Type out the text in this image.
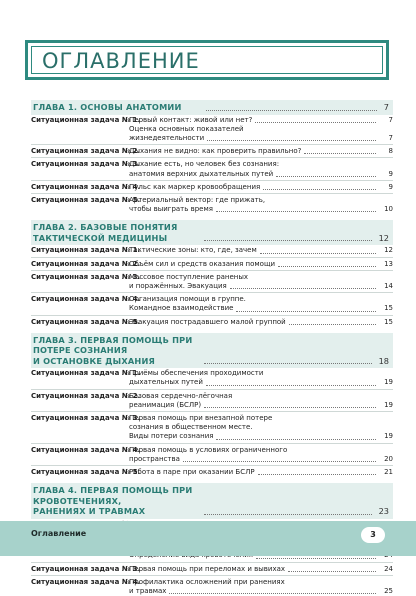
ОГЛАВЛЕНИЕ
ГЛАВА 1. ОСНОВЫ АНАТОМИИ	7
Ситуационная задача № 1.
Первый контакт: живой или нет?	7
Оценка основных показателей
жизнедеятельности	7
Ситуационная задача № 2.
Дыхания не видно: как проверить правильно?	8
Ситуационная задача № 3.
Дыхание есть, но человек без сознания:
анатомия верхних дыхательных путей	9
Ситуационная задача № 4.
Пульс как маркер кровообращения	9
Ситуационная задача № 5.
Артериальный вектор: где прижать,
чтобы выиграть время	10
ГЛАВА 2. БАЗОВЫЕ ПОНЯТИЯ ТАКТИЧЕСКОЙ МЕДИЦИНЫ	12
Ситуационная задача № 1.
Тактические зоны: кто, где, зачем	12
Ситуационная задача № 2.
Объём сил и средств оказания помощи	13
Ситуационная задача № 3.
Массовое поступление раненых
и поражённых. Эвакуация	14
Ситуационная задача № 4.
Организация помощи в группе.
Командное взаимодействие	15
Ситуационная задача № 5.
Эвакуация пострадавшего малой группой	15
ГЛАВА 3. ПЕРВАЯ ПОМОЩЬ ПРИ ПОТЕРЕ СОЗНАНИЯ
И ОСТАНОВКЕ ДЫХАНИЯ	18
Ситуационная задача № 1.
Приёмы обеспечения проходимости
дыхательных путей	19
Ситуационная задача № 2.
Базовая сердечно-лёгочная
реанимация (БСЛР)	19
Ситуационная задача № 3.
Первая помощь при внезапной потере
сознания в общественном месте.
Виды потери сознания	19
Ситуационная задача № 4.
Первая помощь в условиях ограниченного
пространства	20
Ситуационная задача № 5.
Работа в паре при оказании БСЛР	21
ГЛАВА 4. ПЕРВАЯ ПОМОЩЬ ПРИ КРОВОТЕЧЕНИЯХ,
РАНЕНИЯХ И ТРАВМАХ	23
Ситуационная задача № 3.
Первая помощь при переломах и вывихах	24
Ситуационная задача № 4.
Профилактика осложнений при ранениях
и травмах	25
Оглавление	3
